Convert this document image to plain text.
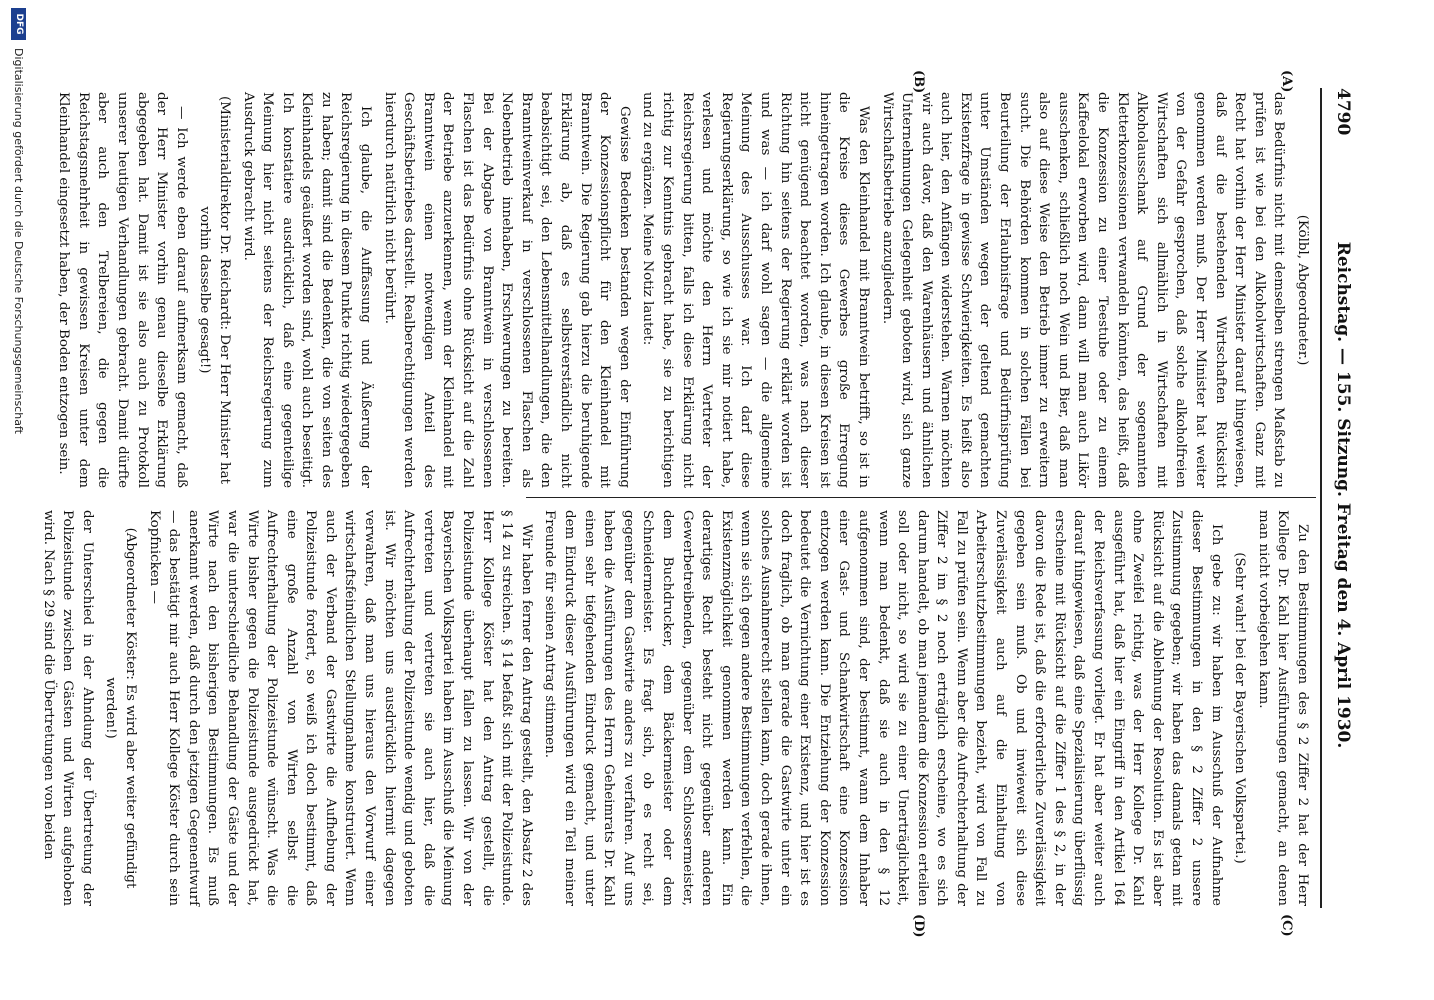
4790
Reichstag. — 155. Sitzung. Freitag den 4. April 1930.
(A)
(B)
(C)
(D)

(Kölbl, Abgeordneter.)

das Bedürfnis nicht mit demselben strengen Maßstab zu prüfen ist wie bei den Alkoholwirtschaften. Ganz mit Recht hat vorhin der Herr Minister darauf hingewiesen, daß auf die bestehenden Wirtschaften Rücksicht genommen werden muß. Der Herr Minister hat weiter von der Gefahr gesprochen, daß solche alkoholfreien Wirtschaften sich allmählich in Wirtschaften mit Alkoholausschank auf Grund der sogenannten Kletterkonzessionen verwandeln könnten, das heißt, daß die Konzession zu einer Teestube oder zu einem Kaffeelokal erworben wird, dann will man auch Likör ausschenken, schließlich noch Wein und Bier, daß man also auf diese Weise den Betrieb immer zu erweitern sucht. Die Behörden kommen in solchen Fällen bei Beurteilung der Erlaubnisfrage und Bedürfnisprüfung unter Umständen wegen der geltend gemachten Existenzfrage in gewisse Schwierigkeiten. Es heißt also auch hier, den Anfängen widerstehen. Warnen möchten wir auch davor, daß den Warenhäusern und ähnlichen Unternehmungen Gelegenheit geboten wird, sich ganze Wirtschaftsbetriebe anzugliedern.

Was den Kleinhandel mit Branntwein betrifft, so ist in die Kreise dieses Gewerbes große Erregung hineingetragen worden. Ich glaube, in diesen Kreisen ist nicht genügend beachtet worden, was nach dieser Richtung hin seitens der Regierung erklärt worden ist und was — ich darf wohl sagen — die allgemeine Meinung des Ausschusses war. Ich darf diese Regierungserklärung, so wie ich sie mir notiert habe, verlesen und möchte den Herrn Vertreter der Reichsregierung bitten, falls ich diese Erklärung nicht richtig zur Kenntnis gebracht habe, sie zu berichtigen und zu ergänzen. Meine Notiz lautet:

Gewisse Bedenken bestanden wegen der Einführung der Konzessionspflicht für den Kleinhandel mit Branntwein. Die Regierung gab hierzu die beruhigende Erklärung ab, daß es selbstverständlich nicht beabsichtigt sei, den Lebensmittelhandlungen, die den Branntweinverkauf in verschlossenen Flaschen als Nebenbetrieb innehaben, Erschwerungen zu bereiten. Bei der Abgabe von Branntwein in verschlossenen Flaschen ist das Bedürfnis ohne Rücksicht auf die Zahl der Betriebe anzuerkennen, wenn der Kleinhandel mit Branntwein einen notwendigen Anteil des Geschäftsbetriebes darstellt. Realberechtigungen werden hierdurch natürlich nicht berührt.

Ich glaube, die Auffassung und Äußerung der Reichsregierung in diesem Punkte richtig wiedergegeben zu haben; damit sind die Bedenken, die von seiten des Kleinhandels geäußert worden sind, wohl auch beseitigt. Ich konstatiere ausdrücklich, daß eine gegenteilige Meinung hier nicht seitens der Reichsregierung zum Ausdruck gebracht wird.

(Ministerialdirektor Dr. Reichardt: Der Herr Minister hat vorhin dasselbe gesagt!)

— Ich werde eben darauf aufmerksam gemacht, daß der Herr Minister vorhin genau dieselbe Erklärung abgegeben hat. Damit ist sie also auch zu Protokoll unserer heutigen Verhandlungen gebracht. Damit dürfte aber auch den Trelbereien, die gegen die Reichstagsmehrheit in gewissen Kreisen unter dem Kleinhandel eingesetzt haben, der Boden entzogen sein.

Zu den Bestimmungen des § 2 Ziffer 2 hat der Herr Kollege Dr. Kahl hier Ausführungen gemacht, an denen man nicht vorbeigehen kann.

(Sehr wahr! bei der Bayerischen Volkspartei.)

Ich gebe zu: wir haben im Ausschuß der Aufnahme dieser Bestimmungen in den § 2 Ziffer 2 unsere Zustimmung gegeben; wir haben das damals getan mit Rücksicht auf die Ablehnung der Resolution. Es ist aber ohne Zweifel richtig, was der Herr Kollege Dr. Kahl ausgeführt hat, daß hier ein Eingriff in den Artikel 164 der Reichsverfassung vorliegt. Er hat aber weiter auch darauf hingewiesen, daß eine Spezialisierung überflüssig erscheine mit Rücksicht auf die Ziffer 1 des § 2, in der davon die Rede ist, daß die erforderliche Zuverlässigkeit gegeben sein muß. Ob und inwieweit sich diese Zuverlässigkeit auch auf die Einhaltung von Arbeiterschutzbestimmungen bezieht, wird von Fall zu Fall zu prüfen sein. Wenn aber die Aufrechterhaltung der Ziffer 2 im § 2 noch erträglich erscheine, wo es sich darum handelt, ob man jemandem die Konzession erteilen soll oder nicht, so wird sie zu einer Unerträglichkeit, wenn man bedenkt, daß sie auch in den § 12 aufgenommen sind, der bestimmt, wann dem Inhaber einer Gast- und Schankwirtschaft eine Konzession entzogen werden kann. Die Entziehung der Konzession bedeutet die Vernichtung einer Existenz, und hier ist es doch fraglich, ob man gerade die Gastwirte unter ein solches Ausnahmerecht stellen kann, doch gerade ihnen, wenn sie sich gegen andere Bestimmungen verfehlen, die Existenzmöglichkeit genommen werden kann. Ein derartiges Recht besteht nicht gegenüber anderen Gewerbetreibenden, gegenüber dem Schlossermeister, dem Buchdrucker, dem Bäckermeister oder dem Schneidermeister. Es fragt sich, ob es recht sei, gegenüber dem Gastwirte anders zu verfahren. Auf uns haben die Ausführungen des Herrn Geheimrats Dr. Kahl einen sehr tiefgehenden Eindruck gemacht, und unter dem Eindruck dieser Ausführungen wird ein Teil meiner Freunde für seinen Antrag stimmen.

Wir haben ferner den Antrag gestellt, den Absatz 2 des § 14 zu streichen. § 14 befaßt sich mit der Polizeistunde. Herr Kollege Köster hat den Antrag gestellt, die Polizeistunde überhaupt fallen zu lassen. Wir von der Bayerischen Volkspartei haben im Ausschuß die Meinung vertreten und vertreten sie auch hier, daß die Aufrechterhaltung der Polizeistunde wendig und geboten ist. Wir möchten uns ausdrücklich hiermit dagegen verwahren, daß man uns hieraus den Vorwurf einer wirtschaftsfeindlichen Stellungnahme konstruiert. Wenn auch der Verband der Gastwirte die Aufhebung der Polizeistunde fordert, so weiß ich doch bestimmt, daß eine große Anzahl von Wirten selbst die Aufrechterhaltung der Polizeistunde wünscht. Was die Wirte bisher gegen die Polizeistunde ausgedrückt hat, war die unterschiedliche Behandlung der Gäste und der Wirte nach den bisherigen Bestimmungen. Es muß anerkannt werden, daß durch den jetzigen Gegenentwurf — das bestätigt mir auch Herr Kollege Köster durch sein Kopfnicken —

(Abgeordneter Köster: Es wird aber weiter gefündigt werden!)

der Unterschied in der Ahndung der Übertretung der Polizeistunde zwischen Gästen und Wirten aufgehoben wird. Nach § 29 sind die Übertretungen von beiden

DFG
Digitalisierung gefördert durch die Deutsche Forschungsgemeinschaft
